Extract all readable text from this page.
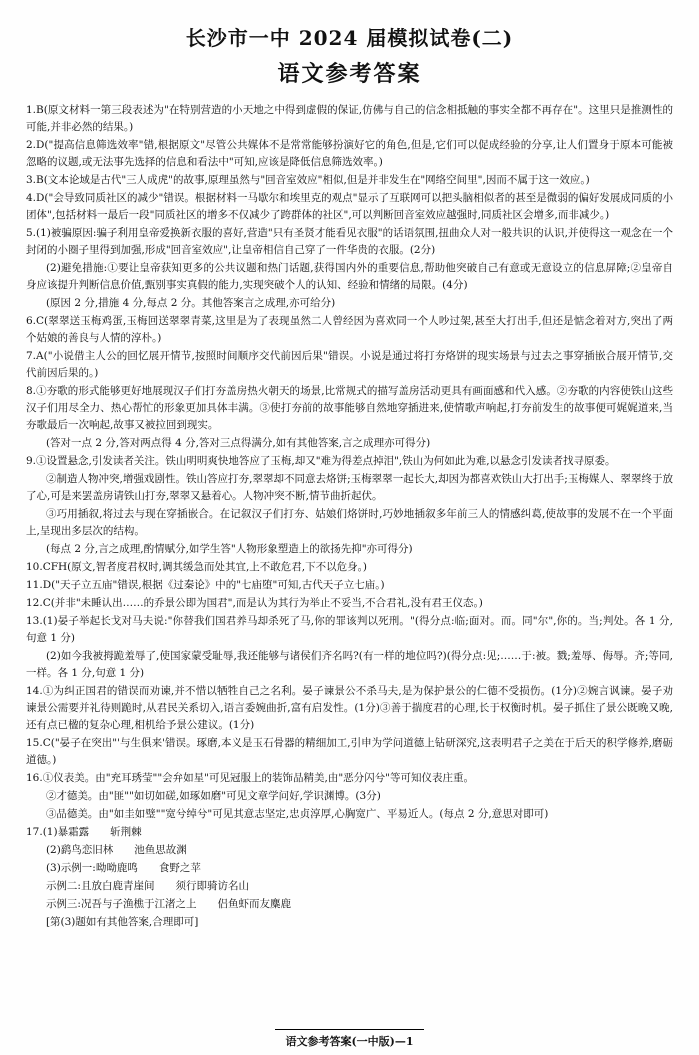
长沙市一中 2024 届模拟试卷(二)
语文参考答案
1.B(原文材料一第三段表述为"在特别营造的小天地之中得到虚假的保证,仿佛与自己的信念相抵触的事实全都不再存在"。这里只是推测性的可能,并非必然的结果。)
2.D("提高信息筛选效率"错,根据原文"尽管公共媒体不是常常能够扮演好它的角色,但是,它们可以促成经验的分享,让人们置身于原本可能被忽略的议题,或无法事先选择的信息和看法中"可知,应该是降低信息筛选效率。)
3.B(文本论域是古代"三人成虎"的故事,原理虽然与"回音室效应"相似,但是并非发生在"网络空间里",因而不属于这一效应。)
4.D("会导致同质社区的减少"错误。根据材料一马歇尔和埃里克的观点"显示了互联网可以把头脑相似者的甚至是微弱的偏好发展成同质的小团体",包括材料一最后一段"同质社区的增多不仅减少了跨群体的社区",可以判断回音室效应越强时,同质社区会增多,而非减少。)
5.(1)被骗原因:骗子利用皇帝爱换新衣服的喜好,营造"只有圣贤才能看见衣服"的话语氛围,扭曲众人对一般共识的认识,并使得这一观念在一个封闭的小圈子里得到加强,形成"回音室效应",让皇帝相信自己穿了一件华贵的衣服。(2分)
(2)避免措施:①要让皇帝获知更多的公共议题和热门话题,获得国内外的重要信息,帮助他突破自己有意或无意设立的信息屏障;②皇帝自身应该提升判断信息价值,甄别事实真假的能力,实现突破个人的认知、经验和情绪的局限。(4分)
(原因 2 分,措施 4 分,每点 2 分。其他答案言之成理,亦可给分)
6.C(翠翠送玉梅鸡蛋,玉梅回送翠翠青菜,这里是为了表现虽然二人曾经因为喜欢同一个人吵过架,甚至大打出手,但还是惦念着对方,突出了两个姑娘的善良与人情的淳朴。)
7.A("小说借主人公的回忆展开情节,按照时间顺序交代前因后果"错误。小说是通过将打夯烙饼的现实场景与过去之事穿插嵌合展开情节,交代前因后果的。)
8.①夯歌的形式能够更好地展现汉子们打夯盖房热火朝天的场景,比常规式的描写盖房活动更具有画面感和代入感。②夯歌的内容使铁山这些汉子们用尽全力、热心帮忙的形象更加具体丰满。③使打夯前的故事能够自然地穿插进来,使情歌声响起,打夯前发生的故事便可娓娓道来,当夯歌最后一次响起,故事又被拉回到现实。
(答对一点 2 分,答对两点得 4 分,答对三点得满分,如有其他答案,言之成理亦可得分)
9.①设置悬念,引发读者关注。铁山明明爽快地答应了玉梅,却又"难为得差点掉泪",铁山为何如此为难,以悬念引发读者找寻原委。
②制造人物冲突,增强戏剧性。铁山答应打夯,翠翠却不同意去烙饼;玉梅翠翠一起长大,却因为都喜欢铁山大打出手;玉梅媒人、翠翠终于放了心,可是来罢盖房请铁山打夯,翠翠又悬着心。人物冲突不断,情节曲折起伏。
③巧用插叙,将过去与现在穿插嵌合。在记叙汉子们打夯、姑娘们烙饼时,巧妙地插叙多年前三人的情感纠葛,使故事的发展不在一个平面上,呈现出多层次的结构。
(每点 2 分,言之成理,酌情赋分,如学生答"人物形象塑造上的欲扬先抑"亦可得分)
10.CFH(原文,智者度君权时,调其缓急而处其宜,上不敢危君,下不以危身。)
11.D("天子立五庙"错误,根据《过秦论》中的"七庙堕"可知,古代天子立七庙。)
12.C(并非"未睡认出……的乔景公即为国君",而是认为其行为举止不妥当,不合君礼,没有君王仪态。)
13.(1)晏子举起长戈对马夫说:"你替我们国君养马却杀死了马,你的罪该判以死刑。"(得分点:临;面对。而。同"尔",你的。当;判处。各 1 分,句意 1 分)
(2)如今我被拇跪羞辱了,使国家蒙受耻辱,我还能够与诸侯们齐名吗?(有一样的地位吗?)(得分点:见;……于:被。戮;羞辱、侮辱。齐;等同,一样。各 1 分,句意 1 分)
14.①为纠正国君的错误而劝谏,并不惜以牺牲自己之名利。晏子谏景公不杀马夫,是为保护景公的仁德不受损伤。(1分)②婉言讽谏。晏子劝谏景公需要并礼待则跪时,从君民关系切入,语言委婉曲折,富有启发性。(1分)③善于揣度君的心理,长于权衡时机。晏子抓住了景公既晚又晚,还有点已楹的复杂心理,相机给予景公建议。(1分)
15.C("晏子在突出"'与生俱来'错误。琢磨,本义是玉石骨器的精细加工,引申为学问道德上钻研深究,这表明君子之美在于后天的积学修养,磨砺道德。)
16.①仪表美。由"充耳琇莹""会弁如星"可见冠服上的装饰品精美,由"恶分闪兮"等可知仪表庄重。
②才德美。由"匪""如切如磋,如琢如磨"可见文章学问好,学识渊博。(3分)
③品德美。由"如圭如璧""宽兮绰兮"可见其意志坚定,忠贞淳厚,心胸宽广、平易近人。(每点 2 分,意思对即可)
17.(1)暴霜露　　斩荆棘
(2)鹞鸟恋旧林　　池鱼思故渊
(3)示例一:呦呦鹿鸣　　食野之苹
示例二:且放白鹿青崖间　　须行即骑访名山
示例三:况吾与子渔樵于江渚之上　　侣鱼虾而友麋鹿
[第(3)题如有其他答案,合理即可]
语文参考答案(一中版)—1
